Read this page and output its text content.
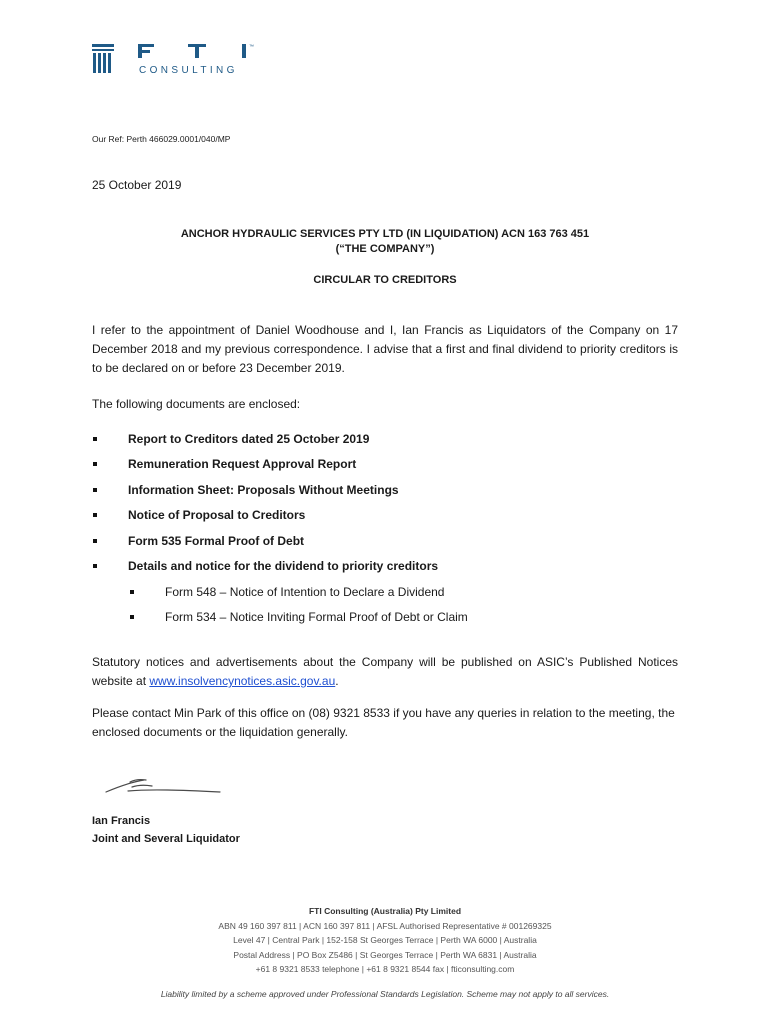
™
CONSULTING
Our Ref: Perth 466029.0001/040/MP
25 October 2019
ANCHOR HYDRAULIC SERVICES PTY LTD (IN LIQUIDATION) ACN 163 763 451
(“THE COMPANY”)
CIRCULAR TO CREDITORS
I refer to the appointment of Daniel Woodhouse and I, Ian Francis as Liquidators of the Company on 17 December 2018 and my previous correspondence. I advise that a first and final dividend to priority creditors is to be declared on or before 23 December 2019.
The following documents are enclosed:
Report to Creditors dated 25 October 2019
Remuneration Request Approval Report
Information Sheet: Proposals Without Meetings
Notice of Proposal to Creditors
Form 535 Formal Proof of Debt
Details and notice for the dividend to priority creditors
Form 548 – Notice of Intention to Declare a Dividend
Form 534 – Notice Inviting Formal Proof of Debt or Claim
Statutory notices and advertisements about the Company will be published on ASIC’s Published Notices website at www.insolvencynotices.asic.gov.au.
Please contact Min Park of this office on (08) 9321 8533 if you have any queries in relation to the meeting, the enclosed documents or the liquidation generally.
Ian Francis
Joint and Several Liquidator
FTI Consulting (Australia) Pty Limited
ABN 49 160 397 811 | ACN 160 397 811 | AFSL Authorised Representative # 001269325
Level 47 | Central Park | 152-158 St Georges Terrace | Perth WA 6000 | Australia
Postal Address | PO Box Z5486 | St Georges Terrace | Perth WA 6831 | Australia
+61 8 9321 8533 telephone | +61 8 9321 8544 fax | fticonsulting.com
Liability limited by a scheme approved under Professional Standards Legislation. Scheme may not apply to all services.
